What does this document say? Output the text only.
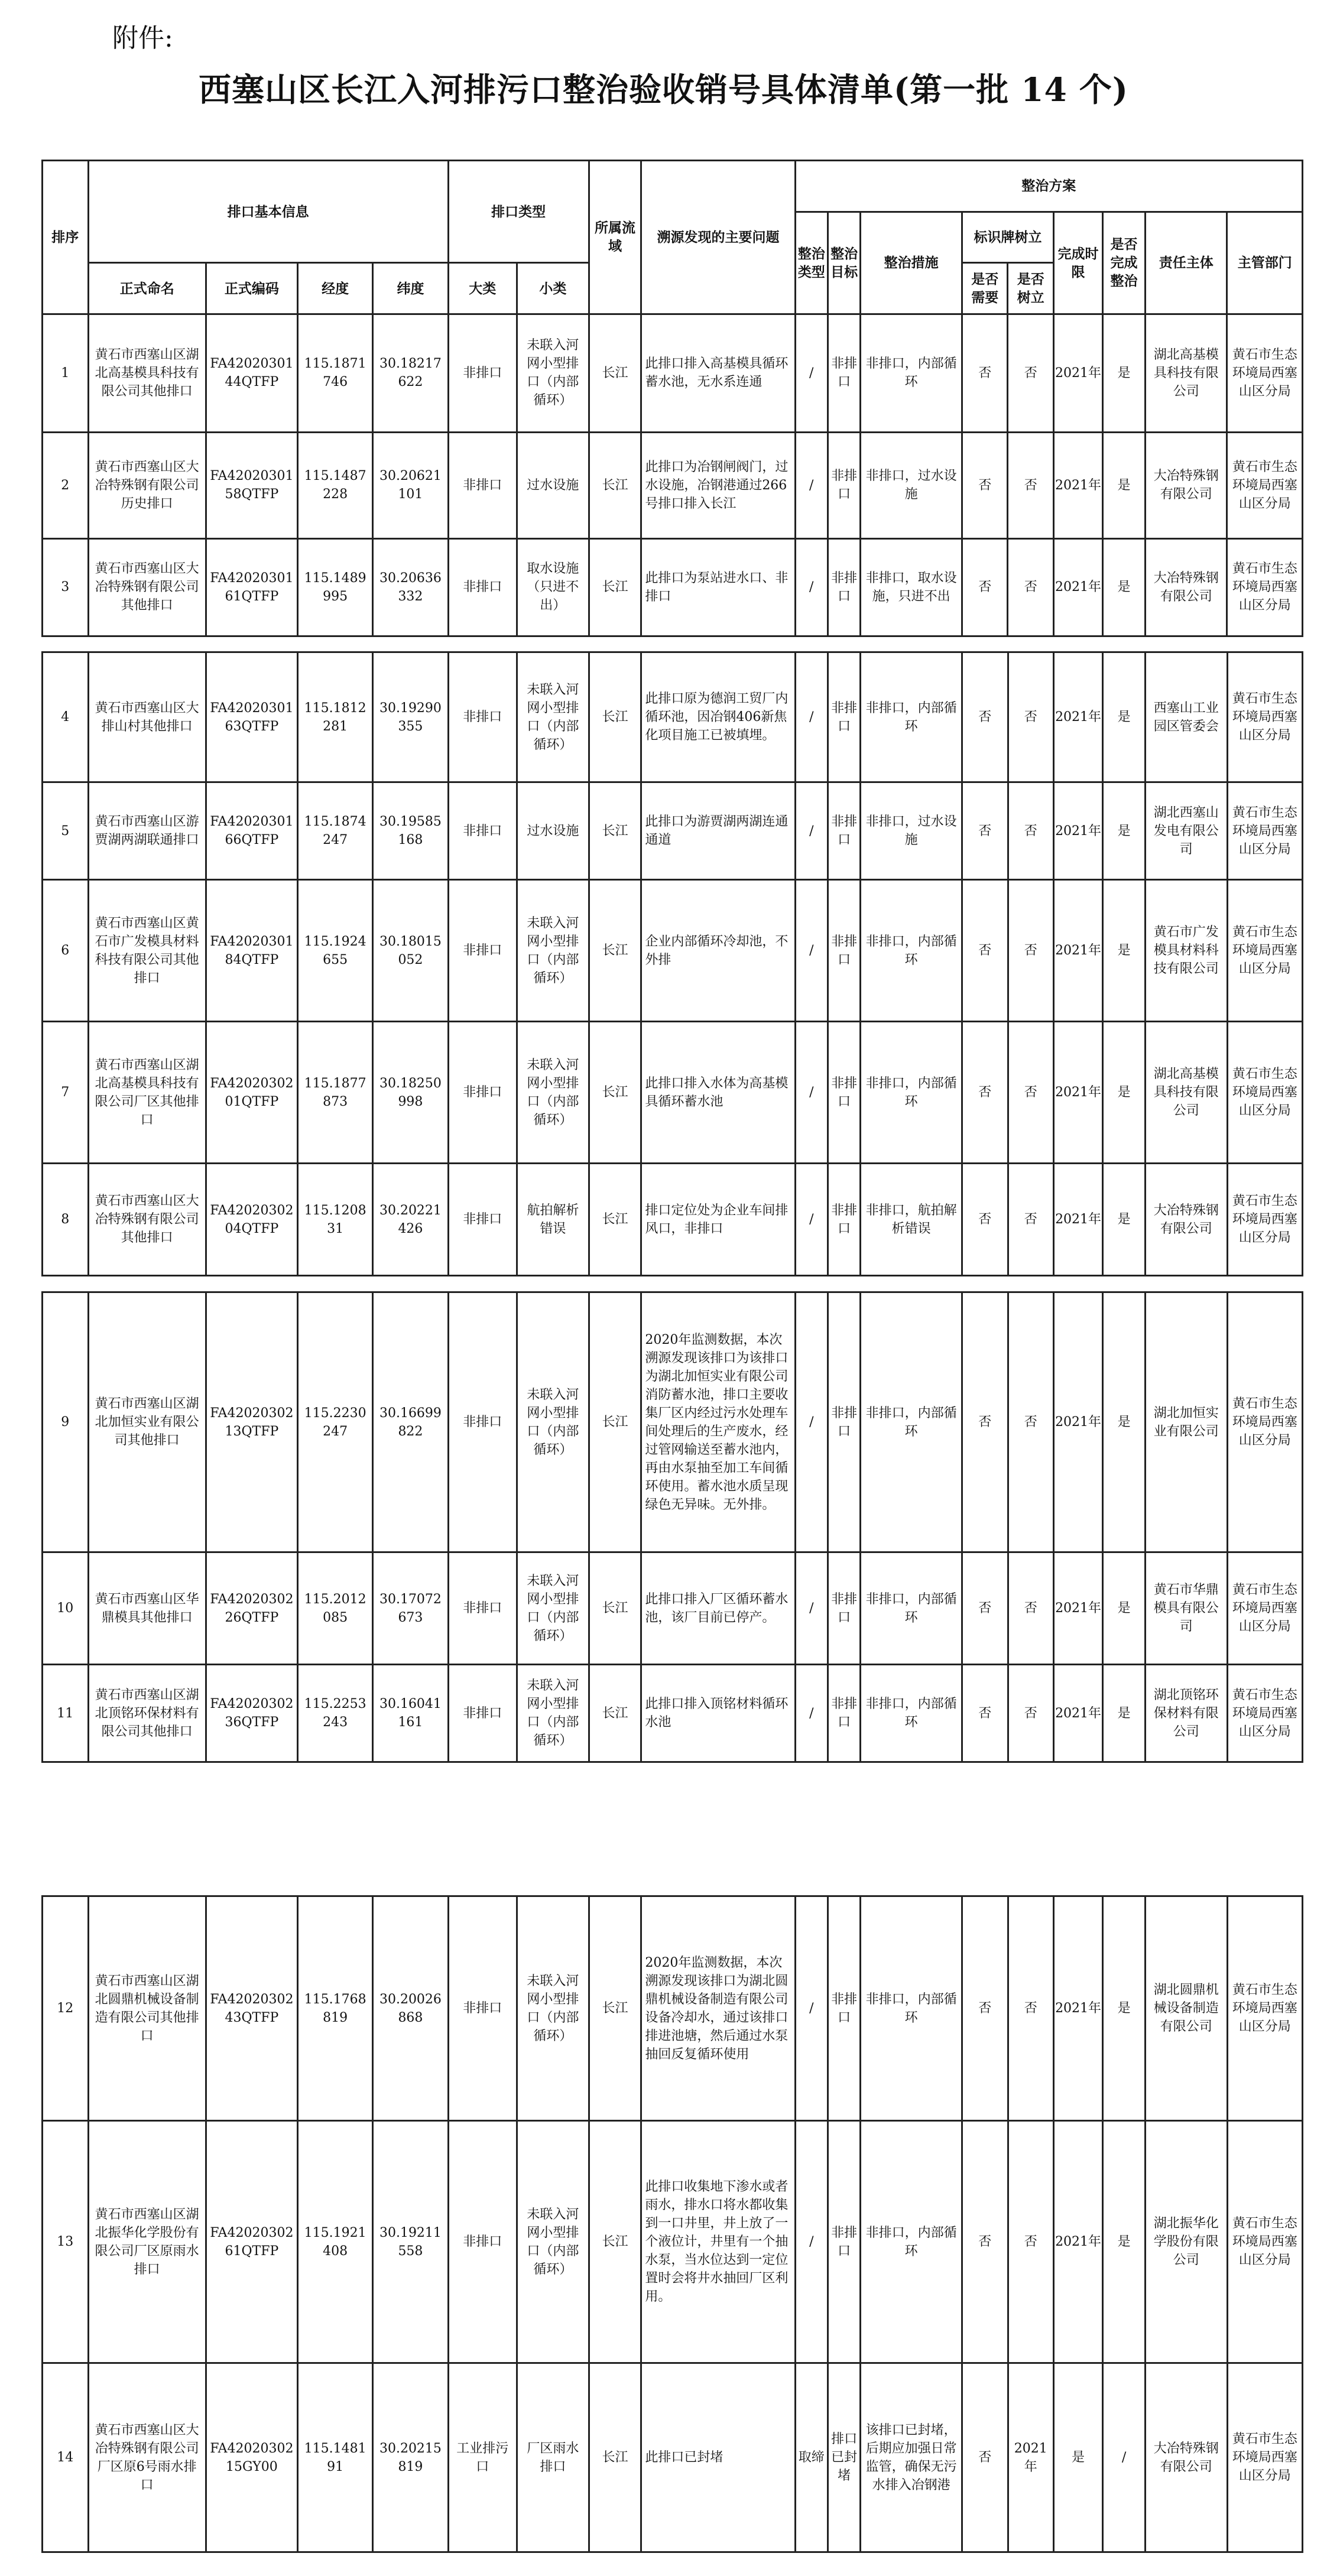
附件:
西塞山区长江入河排污口整治验收销号具体清单(第一批 14 个)
排序	排口基本信息				排口类型		所属流域	溯源发现的主要问题	整治方案								
									整治类型	整治目标	整治措施	标识牌树立		完成时限	是否完成整治	责任主体	主管部门
	正式命名	正式编码	经度	纬度	大类	小类						是否需要	是否树立				
1	黄石市西塞山区湖北高基模具科技有限公司其他排口	FA4202030144QTFP	115.1871746	30.18217622	非排口	未联入河网小型排口（内部循环）	长江	此排口排入高基模具循环蓄水池，无水系连通	/	非排口	非排口，内部循环	否	否	2021年	是	湖北高基模具科技有限公司	黄石市生态环境局西塞山区分局
2	黄石市西塞山区大冶特殊钢有限公司历史排口	FA4202030158QTFP	115.1487228	30.20621101	非排口	过水设施	长江	此排口为冶钢闸阀门，过水设施，冶钢港通过266号排口排入长江	/	非排口	非排口，过水设施	否	否	2021年	是	大冶特殊钢有限公司	黄石市生态环境局西塞山区分局
3	黄石市西塞山区大冶特殊钢有限公司其他排口	FA4202030161QTFP	115.1489995	30.20636332	非排口	取水设施（只进不出）	长江	此排口为泵站进水口、非排口	/	非排口	非排口，取水设施，只进不出	否	否	2021年	是	大冶特殊钢有限公司	黄石市生态环境局西塞山区分局
4	黄石市西塞山区大排山村其他排口	FA4202030163QTFP	115.1812281	30.19290355	非排口	未联入河网小型排口（内部循环）	长江	此排口原为德润工贸厂内循环池，因冶钢406新焦化项目施工已被填埋。	/	非排口	非排口，内部循环	否	否	2021年	是	西塞山工业园区管委会	黄石市生态环境局西塞山区分局
5	黄石市西塞山区游贾湖两湖联通排口	FA4202030166QTFP	115.1874247	30.19585168	非排口	过水设施	长江	此排口为游贾湖两湖连通通道	/	非排口	非排口，过水设施	否	否	2021年	是	湖北西塞山发电有限公司	黄石市生态环境局西塞山区分局
6	黄石市西塞山区黄石市广发模具材料科技有限公司其他排口	FA4202030184QTFP	115.1924655	30.18015052	非排口	未联入河网小型排口（内部循环）	长江	企业内部循环冷却池，不外排	/	非排口	非排口，内部循环	否	否	2021年	是	黄石市广发模具材料科技有限公司	黄石市生态环境局西塞山区分局
7	黄石市西塞山区湖北高基模具科技有限公司厂区其他排口	FA4202030201QTFP	115.1877873	30.18250998	非排口	未联入河网小型排口（内部循环）	长江	此排口排入水体为高基模具循环蓄水池	/	非排口	非排口，内部循环	否	否	2021年	是	湖北高基模具科技有限公司	黄石市生态环境局西塞山区分局
8	黄石市西塞山区大冶特殊钢有限公司其他排口	FA4202030204QTFP	115.120831	30.20221426	非排口	航拍解析错误	长江	排口定位处为企业车间排风口，非排口	/	非排口	非排口，航拍解析错误	否	否	2021年	是	大冶特殊钢有限公司	黄石市生态环境局西塞山区分局
9	黄石市西塞山区湖北加恒实业有限公司其他排口	FA4202030213QTFP	115.2230247	30.16699822	非排口	未联入河网小型排口（内部循环）	长江	2020年监测数据，本次溯源发现该排口为该排口为湖北加恒实业有限公司消防蓄水池，排口主要收集厂区内经过污水处理车间处理后的生产废水，经过管网输送至蓄水池内，再由水泵抽至加工车间循环使用。蓄水池水质呈现绿色无异味。无外排。	/	非排口	非排口，内部循环	否	否	2021年	是	湖北加恒实业有限公司	黄石市生态环境局西塞山区分局
10	黄石市西塞山区华鼎模具其他排口	FA4202030226QTFP	115.2012085	30.17072673	非排口	未联入河网小型排口（内部循环）	长江	此排口排入厂区循环蓄水池，该厂目前已停产。	/	非排口	非排口，内部循环	否	否	2021年	是	黄石市华鼎模具有限公司	黄石市生态环境局西塞山区分局
11	黄石市西塞山区湖北顶铭环保材料有限公司其他排口	FA4202030236QTFP	115.2253243	30.16041161	非排口	未联入河网小型排口（内部循环）	长江	此排口排入顶铭材料循环水池	/	非排口	非排口，内部循环	否	否	2021年	是	湖北顶铭环保材料有限公司	黄石市生态环境局西塞山区分局
12	黄石市西塞山区湖北圆鼎机械设备制造有限公司其他排口	FA4202030243QTFP	115.1768819	30.20026868	非排口	未联入河网小型排口（内部循环）	长江	2020年监测数据，本次溯源发现该排口为湖北圆鼎机械设备制造有限公司设备冷却水，通过该排口排进池塘，然后通过水泵抽回反复循环使用	/	非排口	非排口，内部循环	否	否	2021年	是	湖北圆鼎机械设备制造有限公司	黄石市生态环境局西塞山区分局
13	黄石市西塞山区湖北振华化学股份有限公司厂区原雨水排口	FA4202030261QTFP	115.1921408	30.19211558	非排口	未联入河网小型排口（内部循环）	长江	此排口收集地下渗水或者雨水，排水口将水都收集到一口井里，井上放了一个液位计，井里有一个抽水泵，当水位达到一定位置时会将井水抽回厂区利用。	/	非排口	非排口，内部循环	否	否	2021年	是	湖北振华化学股份有限公司	黄石市生态环境局西塞山区分局
14	黄石市西塞山区大冶特殊钢有限公司厂区原6号雨水排口	FA4202030215GY00	115.148191	30.20215819	工业排污口	厂区雨水排口	长江	此排口已封堵	取缔	排口已封堵	该排口已封堵，后期应加强日常监管，确保无污水排入冶钢港	否	2021年	是	/	大冶特殊钢有限公司	黄石市生态环境局西塞山区分局
